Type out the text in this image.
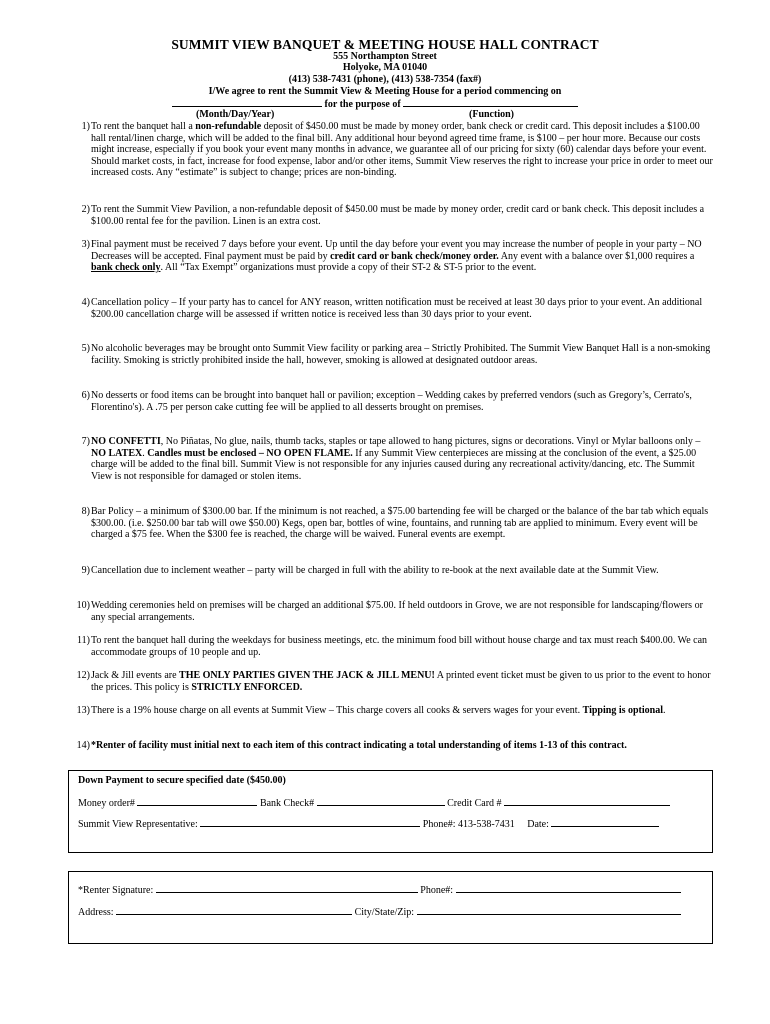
SUMMIT VIEW BANQUET & MEETING HOUSE HALL CONTRACT
555 Northampton Street
Holyoke, MA 01040
(413) 538-7431 (phone), (413) 538-7354 (fax#)
I/We agree to rent the Summit View & Meeting House for a period commencing on
for the purpose of
(Month/Day/Year)	(Function)
1) To rent the banquet hall a non-refundable deposit of $450.00 must be made by money order, bank check or credit card. This deposit includes a $100.00 hall rental/linen charge, which will be added to the final bill. Any additional hour beyond agreed time frame, is $100 – per hour more. Because our costs might increase, especially if you book your event many months in advance, we guarantee all of our pricing for sixty (60) calendar days before your event. Should market costs, in fact, increase for food expense, labor and/or other items, Summit View reserves the right to increase your price in order to meet our increased costs. Any “estimate” is subject to change; prices are non-binding.
2) To rent the Summit View Pavilion, a non-refundable deposit of $450.00 must be made by money order, credit card or bank check. This deposit includes a $100.00 rental fee for the pavilion. Linen is an extra cost.
3) Final payment must be received 7 days before your event. Up until the day before your event you may increase the number of people in your party – NO Decreases will be accepted. Final payment must be paid by credit card or bank check/money order. Any event with a balance over $1,000 requires a bank check only. All “Tax Exempt” organizations must provide a copy of their ST-2 & ST-5 prior to the event.
4) Cancellation policy – If your party has to cancel for ANY reason, written notification must be received at least 30 days prior to your event. An additional $200.00 cancellation charge will be assessed if written notice is received less than 30 days prior to your event.
5) No alcoholic beverages may be brought onto Summit View facility or parking area – Strictly Prohibited. The Summit View Banquet Hall is a non-smoking facility. Smoking is strictly prohibited inside the hall, however, smoking is allowed at designated outdoor areas.
6) No desserts or food items can be brought into banquet hall or pavilion; exception – Wedding cakes by preferred vendors (such as Gregory’s, Cerrato's, Florentino's). A .75 per person cake cutting fee will be applied to all desserts brought on premises.
7) NO CONFETTI, No Piñatas, No glue, nails, thumb tacks, staples or tape allowed to hang pictures, signs or decorations. Vinyl or Mylar balloons only – NO LATEX. Candles must be enclosed – NO OPEN FLAME. If any Summit View centerpieces are missing at the conclusion of the event, a $25.00 charge will be added to the final bill. Summit View is not responsible for any injuries caused during any recreational activity/dancing, etc. The Summit View is not responsible for damaged or stolen items.
8) Bar Policy – a minimum of $300.00 bar. If the minimum is not reached, a $75.00 bartending fee will be charged or the balance of the bar tab which equals $300.00. (i.e. $250.00 bar tab will owe $50.00) Kegs, open bar, bottles of wine, fountains, and running tab are applied to minimum. Every event will be charged a $75 fee. When the $300 fee is reached, the charge will be waived. Funeral events are exempt.
9) Cancellation due to inclement weather – party will be charged in full with the ability to re-book at the next available date at the Summit View.
10) Wedding ceremonies held on premises will be charged an additional $75.00. If held outdoors in Grove, we are not responsible for landscaping/flowers or any special arrangements.
11) To rent the banquet hall during the weekdays for business meetings, etc. the minimum food bill without house charge and tax must reach $400.00. We can accommodate groups of 10 people and up.
12) Jack & Jill events are THE ONLY PARTIES GIVEN THE JACK & JILL MENU! A printed event ticket must be given to us prior to the event to honor the prices. This policy is STRICTLY ENFORCED.
13) There is a 19% house charge on all events at Summit View – This charge covers all cooks & servers wages for your event. Tipping is optional.
14) *Renter of facility must initial next to each item of this contract indicating a total understanding of items 1-13 of this contract.
Down Payment to secure specified date ($450.00)
Money order#	Bank Check#	Credit Card #
Summit View Representative:	Phone#: 413-538-7431 Date:
*Renter Signature:	Phone#:
Address:	City/State/Zip:
